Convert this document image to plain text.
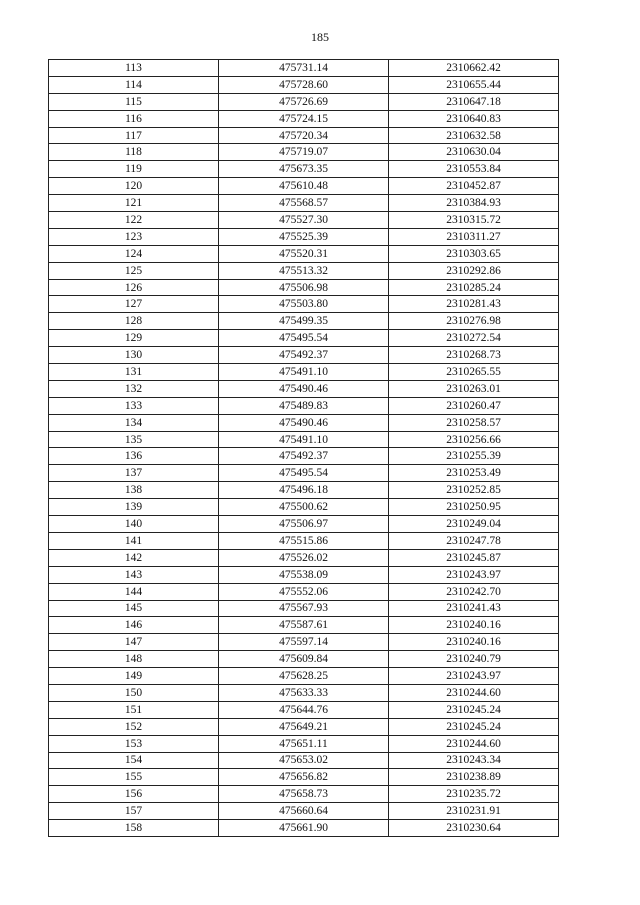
185
113	475731.14	2310662.42
114	475728.60	2310655.44
115	475726.69	2310647.18
116	475724.15	2310640.83
117	475720.34	2310632.58
118	475719.07	2310630.04
119	475673.35	2310553.84
120	475610.48	2310452.87
121	475568.57	2310384.93
122	475527.30	2310315.72
123	475525.39	2310311.27
124	475520.31	2310303.65
125	475513.32	2310292.86
126	475506.98	2310285.24
127	475503.80	2310281.43
128	475499.35	2310276.98
129	475495.54	2310272.54
130	475492.37	2310268.73
131	475491.10	2310265.55
132	475490.46	2310263.01
133	475489.83	2310260.47
134	475490.46	2310258.57
135	475491.10	2310256.66
136	475492.37	2310255.39
137	475495.54	2310253.49
138	475496.18	2310252.85
139	475500.62	2310250.95
140	475506.97	2310249.04
141	475515.86	2310247.78
142	475526.02	2310245.87
143	475538.09	2310243.97
144	475552.06	2310242.70
145	475567.93	2310241.43
146	475587.61	2310240.16
147	475597.14	2310240.16
148	475609.84	2310240.79
149	475628.25	2310243.97
150	475633.33	2310244.60
151	475644.76	2310245.24
152	475649.21	2310245.24
153	475651.11	2310244.60
154	475653.02	2310243.34
155	475656.82	2310238.89
156	475658.73	2310235.72
157	475660.64	2310231.91
158	475661.90	2310230.64
